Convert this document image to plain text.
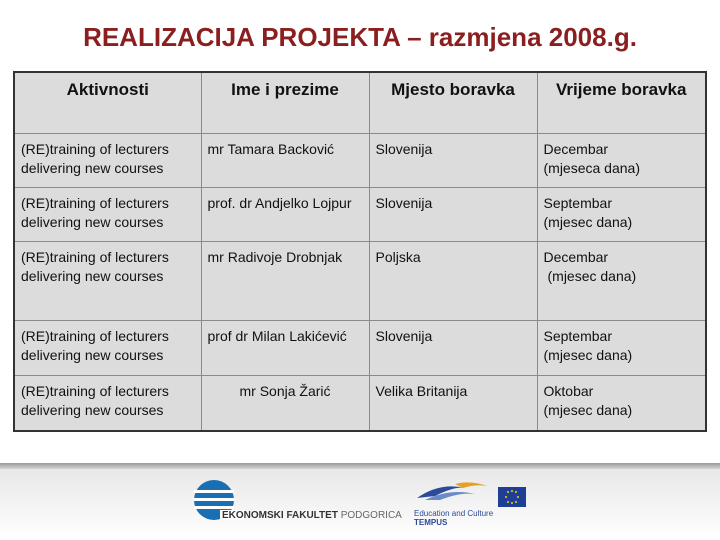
REALIZACIJA PROJEKTA – razmjena 2008.g.
Aktivnosti	Ime i prezime	Mjesto boravka	Vrijeme boravka
(RE)training of lecturers delivering new courses	mr Tamara Backović	Slovenija	Decembar
(mjeseca dana)

(RE)training of lecturers delivering new courses	prof. dr Andjelko Lojpur	Slovenija	Septembar
(mjesec dana)

(RE)training of lecturers delivering new courses	mr Radivoje Drobnjak	Poljska	Decembar
(mjesec dana)

(RE)training of lecturers delivering new courses	prof dr Milan Lakićević	Slovenija	Septembar
(mjesec dana)

(RE)training of lecturers delivering new courses	mr Sonja Žarić	Velika Britanija	Oktobar
(mjesec dana)
EKONOMSKI FAKULTET PODGORICA Education and Culture
TEMPUS
